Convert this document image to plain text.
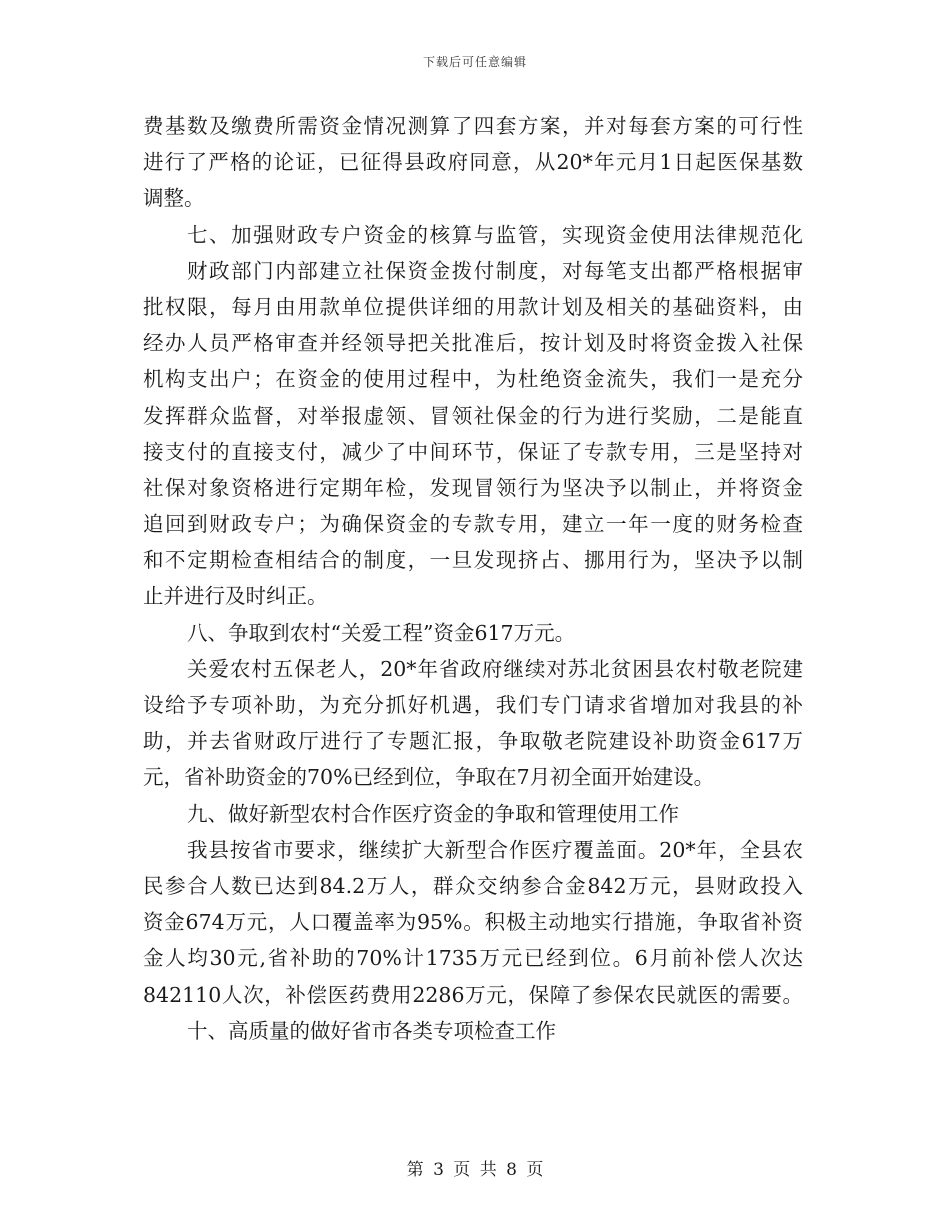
下载后可任意编辑
费基数及缴费所需资金情况测算了四套方案，并对每套方案的可行性
进行了严格的论证，已征得县政府同意，从20*年元月1日起医保基数
调整。
七、加强财政专户资金的核算与监管，实现资金使用法律规范化
财政部门内部建立社保资金拨付制度，对每笔支出都严格根据审
批权限，每月由用款单位提供详细的用款计划及相关的基础资料，由
经办人员严格审查并经领导把关批准后，按计划及时将资金拨入社保
机构支出户；在资金的使用过程中，为杜绝资金流失，我们一是充分
发挥群众监督，对举报虚领、冒领社保金的行为进行奖励，二是能直
接支付的直接支付，减少了中间环节，保证了专款专用，三是坚持对
社保对象资格进行定期年检，发现冒领行为坚决予以制止，并将资金
追回到财政专户；为确保资金的专款专用，建立一年一度的财务检查
和不定期检查相结合的制度，一旦发现挤占、挪用行为，坚决予以制
止并进行及时纠正。
八、争取到农村“关爱工程”资金617万元。
关爱农村五保老人，20*年省政府继续对苏北贫困县农村敬老院建
设给予专项补助，为充分抓好机遇，我们专门请求省增加对我县的补
助，并去省财政厅进行了专题汇报，争取敬老院建设补助资金617万
元，省补助资金的70%已经到位，争取在7月初全面开始建设。
九、做好新型农村合作医疗资金的争取和管理使用工作
我县按省市要求，继续扩大新型合作医疗覆盖面。20*年，全县农
民参合人数已达到84.2万人，群众交纳参合金842万元，县财政投入
资金674万元，人口覆盖率为95%。积极主动地实行措施，争取省补资
金人均30元,省补助的70%计1735万元已经到位。6月前补偿人次达
842110人次，补偿医药费用2286万元，保障了参保农民就医的需要。
十、高质量的做好省市各类专项检查工作
第 3 页 共 8 页
